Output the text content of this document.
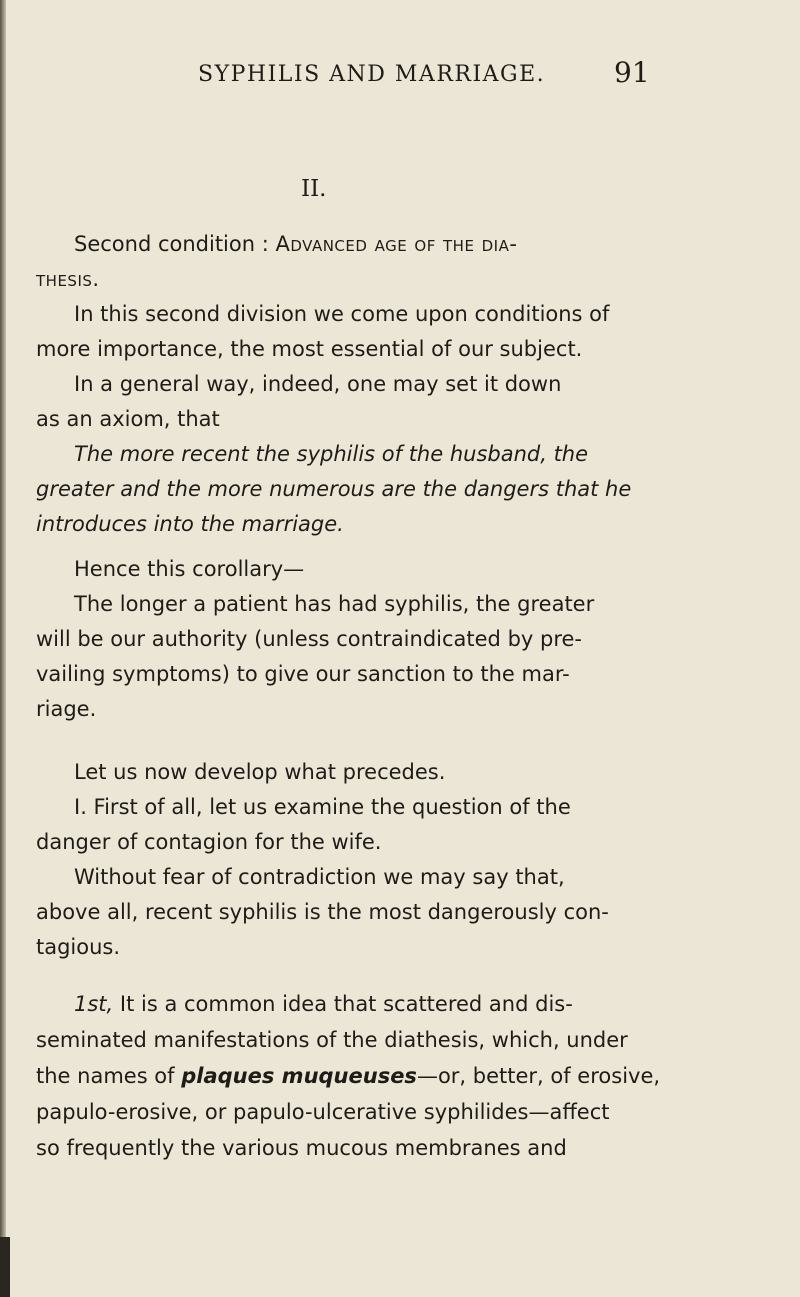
SYPHILIS AND MARRIAGE. 91
II.
Second condition : Advanced age of the dia-
thesis.
In this second division we come upon conditions of
more importance, the most essential of our subject.
In a general way, indeed, one may set it down
as an axiom, that
The more recent the syphilis of the husband, the
greater and the more numerous are the dangers that he
introduces into the marriage.
Hence this corollary—
The longer a patient has had syphilis, the greater
will be our authority (unless contraindicated by pre-
vailing symptoms) to give our sanction to the mar-
riage.
Let us now develop what precedes.
I. First of all, let us examine the question of the
danger of contagion for the wife.
Without fear of contradiction we may say that,
above all, recent syphilis is the most dangerously con-
tagious.
1st, It is a common idea that scattered and dis-
seminated manifestations of the diathesis, which, under
the names of plaques muqueuses—or, better, of erosive,
papulo-erosive, or papulo-ulcerative syphilides—affect
so frequently the various mucous membranes and
